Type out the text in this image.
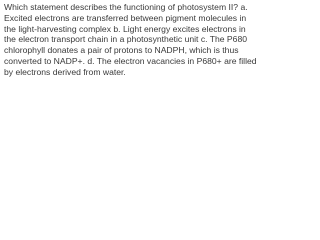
Which statement describes the functioning of photosystem II? a. Excited electrons are transferred between pigment molecules in the light-harvesting complex b. Light energy excites electrons in the electron transport chain in a photosynthetic unit c. The P680 chlorophyll donates a pair of protons to NADPH, which is thus converted to NADP+. d. The electron vacancies in P680+ are filled by electrons derived from water.
